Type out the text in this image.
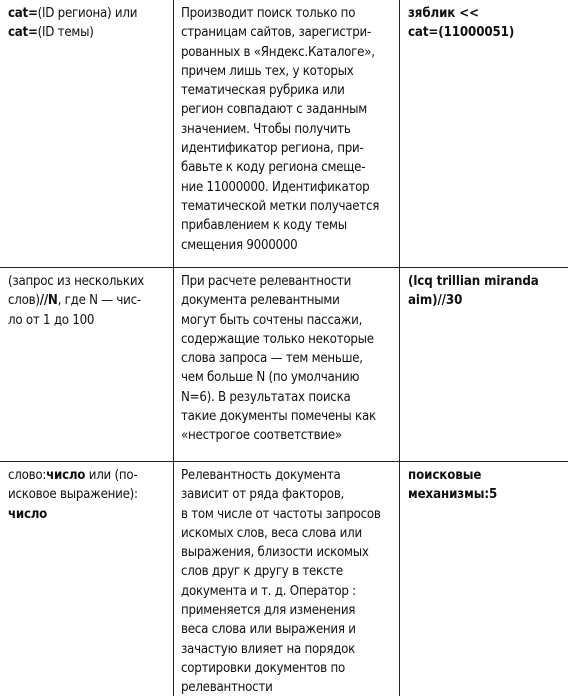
cat=(ID региона) или
cat=(ID темы)
Производит поиск только по
страницам сайтов, зарегистри-
рованных в «Яндекс.Каталоге»,
причем лишь тех, у которых
тематическая рубрика или
регион совпадают с заданным
значением. Чтобы получить
идентификатор региона, при-
бавьте к коду региона смеще-
ние 11000000. Идентификатор
тематической метки получается
прибавлением к коду темы
смещения 9000000
зяблик <<
cat=(11000051)
(запрос из нескольких
слов)//N, где N — чис-
ло от 1 до 100
При расчете релевантности
документа релевантными
могут быть сочтены пассажи,
содержащие только некоторые
слова запроса — тем меньше,
чем больше N (по умолчанию
N=6). В результатах поиска
такие документы помечены как
«нестрогое соответствие»
(lcq trillian miranda
aim)//30
слово:число или (по-
исковое выражение):
число
Релевантность документа
зависит от ряда факторов,
в том числе от частоты запросов
искомых слов, веса слова или
выражения, близости искомых
слов друг к другу в тексте
документа и т. д. Оператор :
применяется для изменения
веса слова или выражения и
зачастую влияет на порядок
сортировки документов по
релевантности
поисковые
механизмы:5
